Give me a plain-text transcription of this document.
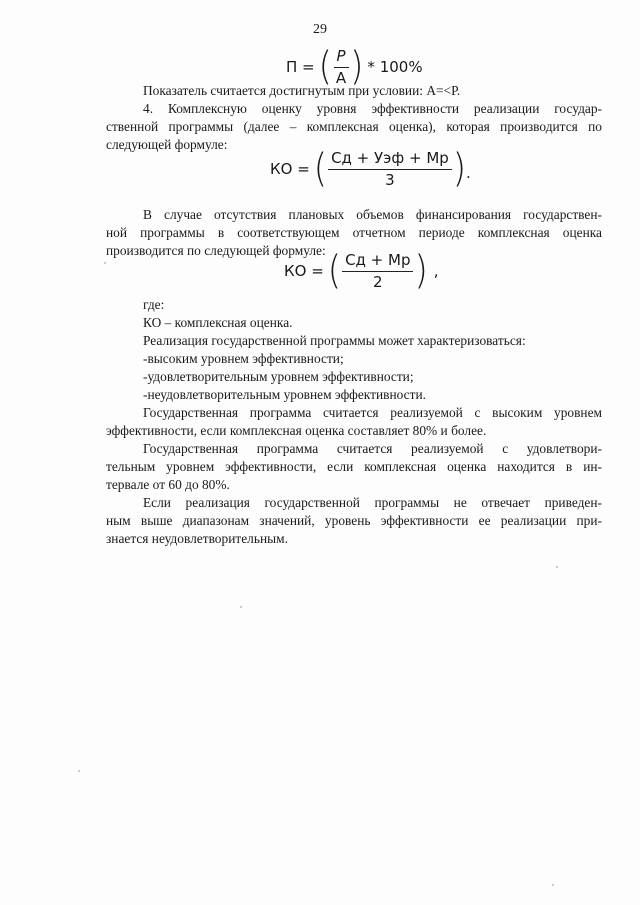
29
П = ( $\frac{P}{A}$ ) * 100%
Показатель считается достигнутым при условии: А=<Р.
4. Комплексную оценку уровня эффективности реализации государ-
ственной программы (далее – комплексная оценка), которая производится по
следующей формуле:
КО = ( $\frac{\text{Сд + Уэф + Мр}}{3}$ ) .
В случае отсутствия плановых объемов финансирования государствен-
ной программы в соответствующем отчетном периоде комплексная оценка
производится по следующей формуле:
КО = ( $\frac{Сд + Мр}{2}$ ) ,
где:
КО – комплексная оценка.
Реализация государственной программы может характеризоваться:
-высоким уровнем эффективности;
-удовлетворительным уровнем эффективности;
-неудовлетворительным уровнем эффективности.
Государственная программа считается реализуемой с высоким уровнем
эффективности, если комплексная оценка составляет 80% и более.
Государственная программа считается реализуемой с удовлетвори-
тельным уровнем эффективности, если комплексная оценка находится в ин-
тервале от 60 до 80%.
Если реализация государственной программы не отвечает приведен-
ным выше диапазонам значений, уровень эффективности ее реализации при-
знается неудовлетворительным.
